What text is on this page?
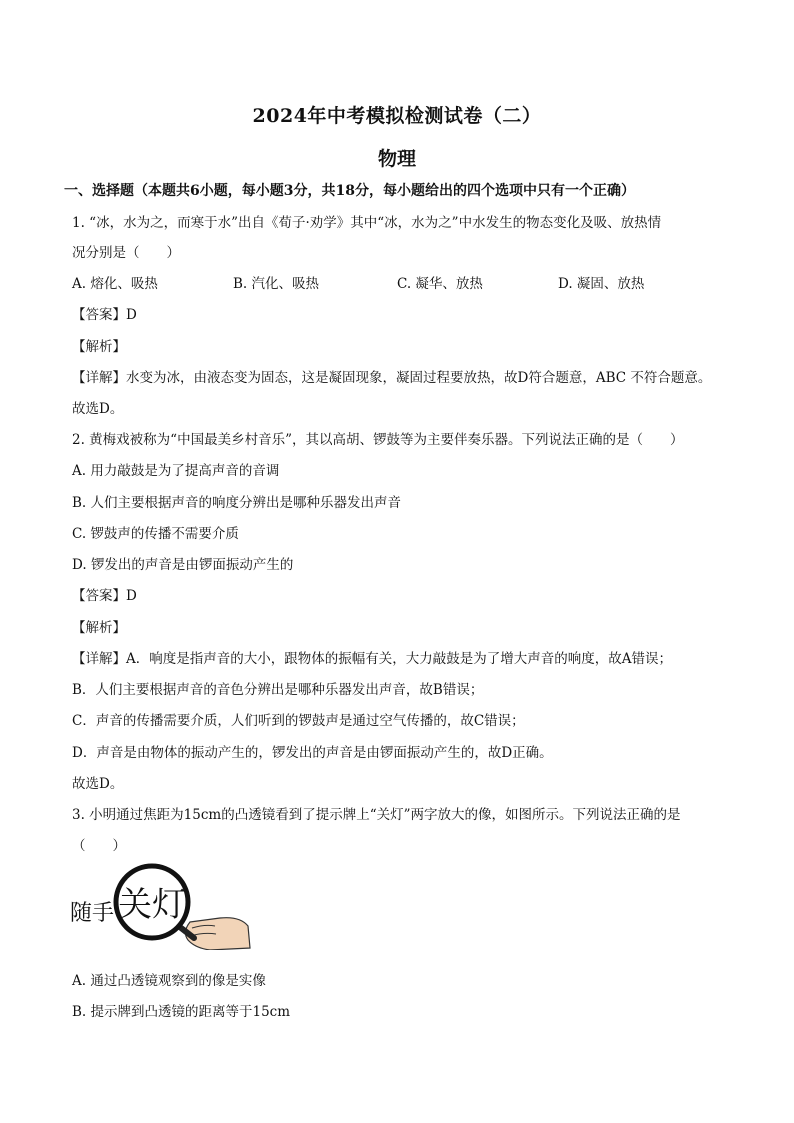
2024年中考模拟检测试卷（二）
物理
一、选择题（本题共6小题，每小题3分，共18分，每小题给出的四个选项中只有一个正确）
1. “冰，水为之，而寒于水”出自《荀子·劝学》其中“冰，水为之”中水发生的物态变化及吸、放热情
况分别是（　　）
A. 熔化、吸热	B. 汽化、吸热	C. 凝华、放热	D. 凝固、放热
【答案】D
【解析】
【详解】水变为冰，由液态变为固态，这是凝固现象，凝固过程要放热，故D符合题意，ABC 不符合题意。
故选D。
2. 黄梅戏被称为“中国最美乡村音乐”，其以高胡、锣鼓等为主要伴奏乐器。下列说法正确的是（　　）
A. 用力敲鼓是为了提高声音的音调
B. 人们主要根据声音的响度分辨出是哪种乐器发出声音
C. 锣鼓声的传播不需要介质
D. 锣发出的声音是由锣面振动产生的
【答案】D
【解析】
【详解】A．响度是指声音的大小，跟物体的振幅有关，大力敲鼓是为了增大声音的响度，故A错误；
B．人们主要根据声音的音色分辨出是哪种乐器发出声音，故B错误；
C．声音的传播需要介质，人们听到的锣鼓声是通过空气传播的，故C错误；
D．声音是由物体的振动产生的，锣发出的声音是由锣面振动产生的，故D正确。
故选D。
3. 小明通过焦距为15cm的凸透镜看到了提示牌上“关灯”两字放大的像，如图所示。下列说法正确的是
（　　）
随手 关灯
A. 通过凸透镜观察到的像是实像
B. 提示牌到凸透镜的距离等于15cm
